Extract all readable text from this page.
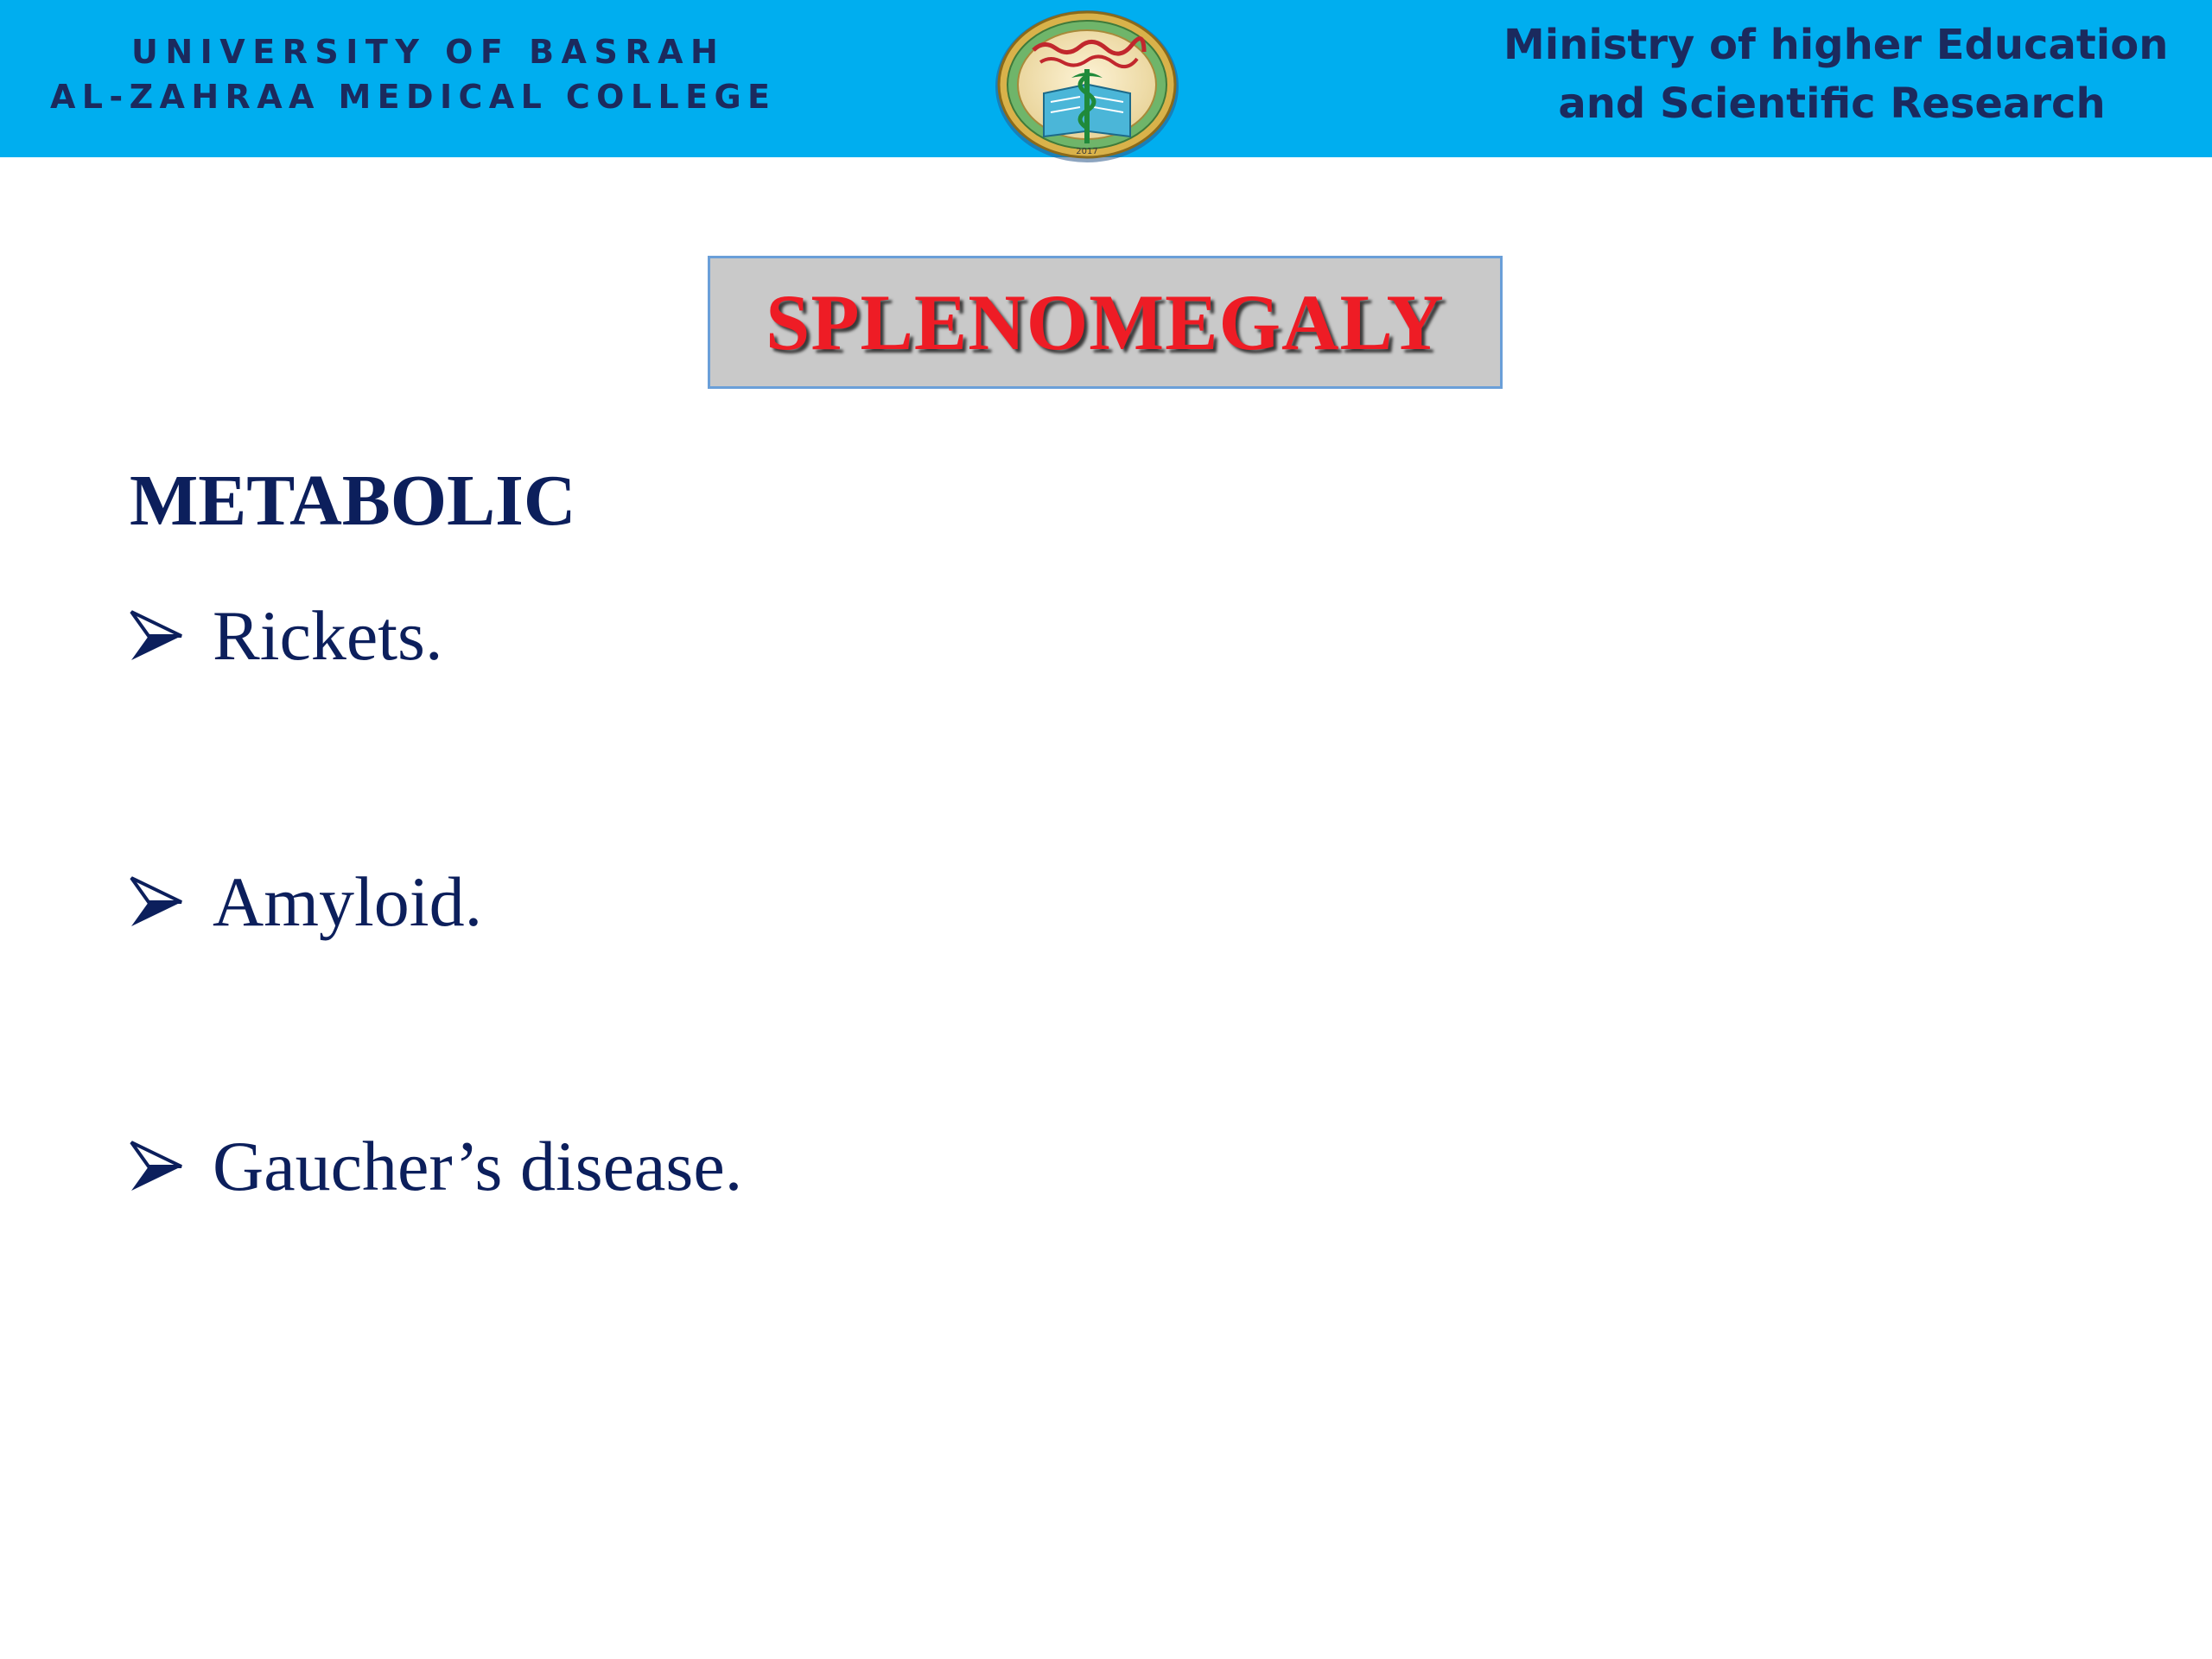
UNIVERSITY OF BASRAH
AL-ZAHRAA MEDICAL COLLEGE
2017
Ministry of higher Education
and Scientific Research
SPLENOMEGALY
METABOLIC
Rickets.
Amyloid.
Gaucher’s disease.
